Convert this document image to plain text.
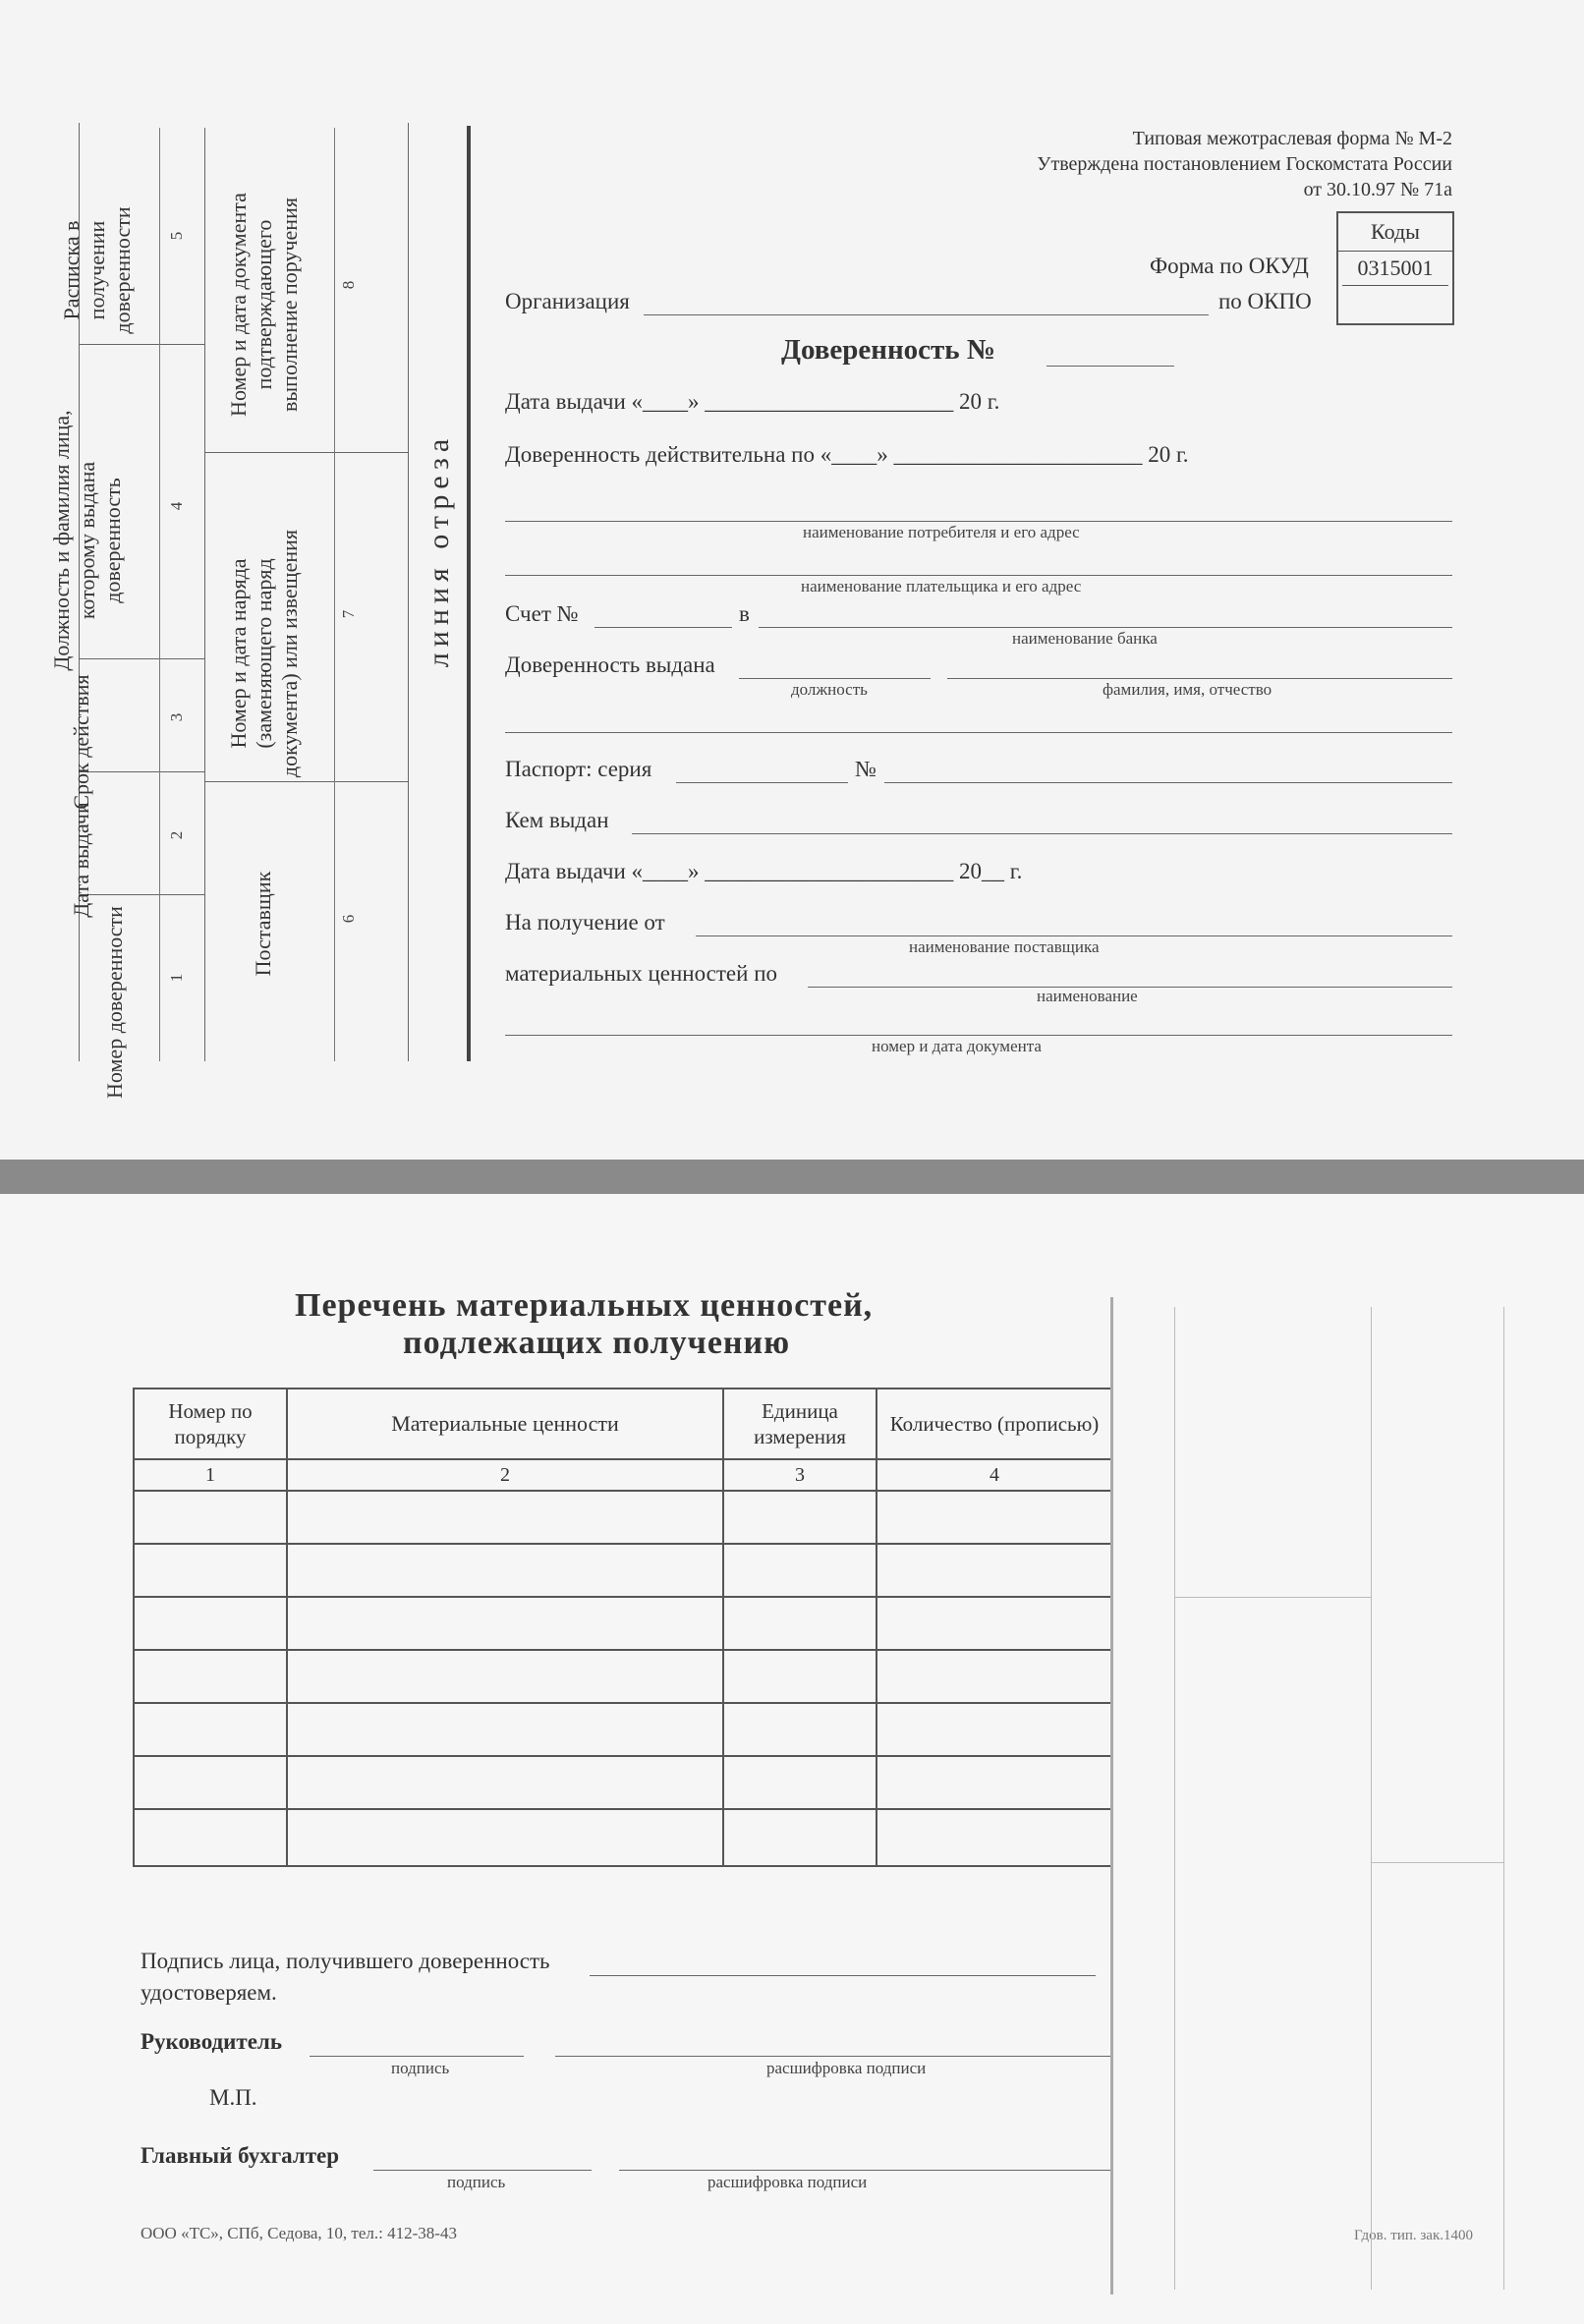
Номер доверенности	1
Дата выдачи	2
Срок действия	3
Должность и фамилия лица, которому выдана доверенность	4
Расписка в получении доверенности	5
Поставщик	6
Номер и дата наряда (заменяющего наряд документа) или извещения	7
Номер и дата документа подтверждающего выполнение поручения	8
линия отреза
Типовая межотраслевая форма № М-2
Утверждена постановлением Госкомстата России
от 30.10.97 № 71а
Коды
0315001
Форма по ОКУД
по ОКПО
Организация
Доверенность №
Дата выдачи «____» ______________________ 20 г.
Доверенность действительна по «____» ______________________ 20 г.
наименование потребителя и его адрес
наименование плательщика и его адрес
Счет №	в
наименование банка
Доверенность выдана
должность	фамилия, имя, отчество
Паспорт: серия	№
Кем выдан
Дата выдачи «____» ______________________ 20__ г.
На получение от
наименование поставщика
материальных ценностей по
наименование
номер и дата документа
Перечень материальных ценностей,
подлежащих получению
Номер по порядку	Материальные ценности	Единица измерения	Количество (прописью)
1	2	3	4

Подпись лица, получившего доверенность
удостоверяем.
Руководитель
подпись	расшифровка подписи
М.П.
Главный бухгалтер
подпись	расшифровка подписи
ООО «ТС», СПб, Седова, 10, тел.: 412-38-43	Гдов. тип. зак.1400
